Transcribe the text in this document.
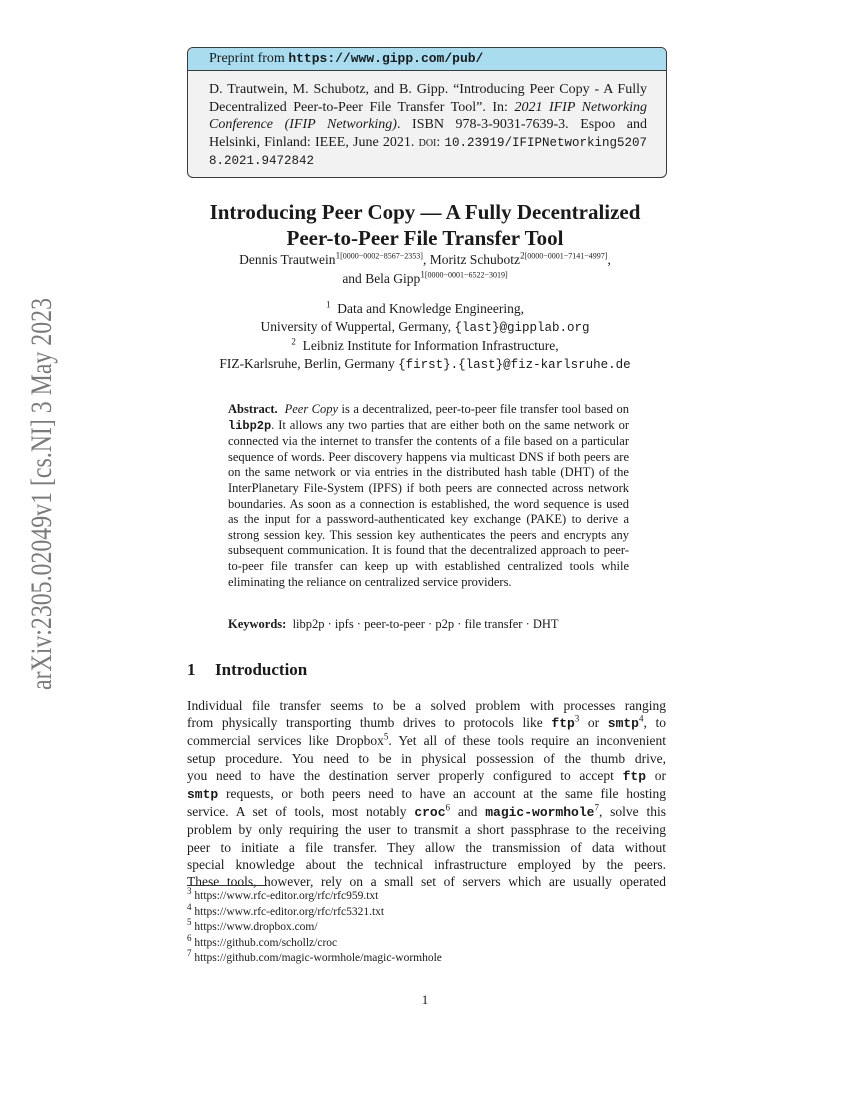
arXiv:2305.02049v1 [cs.NI] 3 May 2023
Preprint from https://www.gipp.com/pub/
D. Trautwein, M. Schubotz, and B. Gipp. “Introducing Peer Copy - A Fully Decentralized Peer-to-Peer File Transfer Tool”. In: 2021 IFIP Networking Conference (IFIP Networking). ISBN 978-3-9031-7639-3. Espoo and Helsinki, Finland: IEEE, June 2021. doi: 10.23919/IFIPNetworking52078.2021.9472842
Introducing Peer Copy — A Fully Decentralized
Peer-to-Peer File Transfer Tool
Dennis Trautwein$^{1[0000-0002-8567-2353]}$, Moritz Schubotz$^{2[0000-0001-7141-4997]}$,
and Bela Gipp$^{1[0000-0001-6522-3019]}$
$^1$ Data and Knowledge Engineering,
University of Wuppertal, Germany, {last}@gipplab.org
$^2$ Leibniz Institute for Information Infrastructure,
FIZ-Karlsruhe, Berlin, Germany {first}.{last}@fiz-karlsruhe.de
Abstract. Peer Copy is a decentralized, peer-to-peer file transfer tool based on libp2p. It allows any two parties that are either both on the same network or connected via the internet to transfer the contents of a file based on a particular sequence of words. Peer discovery happens via multicast DNS if both peers are on the same network or via entries in the distributed hash table (DHT) of the InterPlanetary File-System (IPFS) if both peers are connected across network boundaries. As soon as a connection is established, the word sequence is used as the input for a password-authenticated key exchange (PAKE) to derive a strong session key. This session key authenticates the peers and encrypts any subsequent communication. It is found that the decentralized approach to peer-to-peer file transfer can keep up with established centralized tools while eliminating the reliance on centralized service providers.
Keywords: libp2p · ipfs · peer-to-peer · p2p · file transfer · DHT
1 Introduction
Individual file transfer seems to be a solved problem with processes ranging
from physically transporting thumb drives to protocols like ftp$^3$ or smtp$^4$, to
commercial services like Dropbox$^5$. Yet all of these tools require an inconvenient
setup procedure. You need to be in physical possession of the thumb drive,
you need to have the destination server properly configured to accept ftp or
smtp requests, or both peers need to have an account at the same file hosting
service. A set of tools, most notably croc$^6$ and magic-wormhole$^7$, solve this
problem by only requiring the user to transmit a short passphrase to the receiving
peer to initiate a file transfer. They allow the transmission of data without
special knowledge about the technical infrastructure employed by the peers.
These tools, however, rely on a small set of servers which are usually operated
$^3$ https://www.rfc-editor.org/rfc/rfc959.txt
$^4$ https://www.rfc-editor.org/rfc/rfc5321.txt
$^5$ https://www.dropbox.com/
$^6$ https://github.com/schollz/croc
$^7$ https://github.com/magic-wormhole/magic-wormhole
1
